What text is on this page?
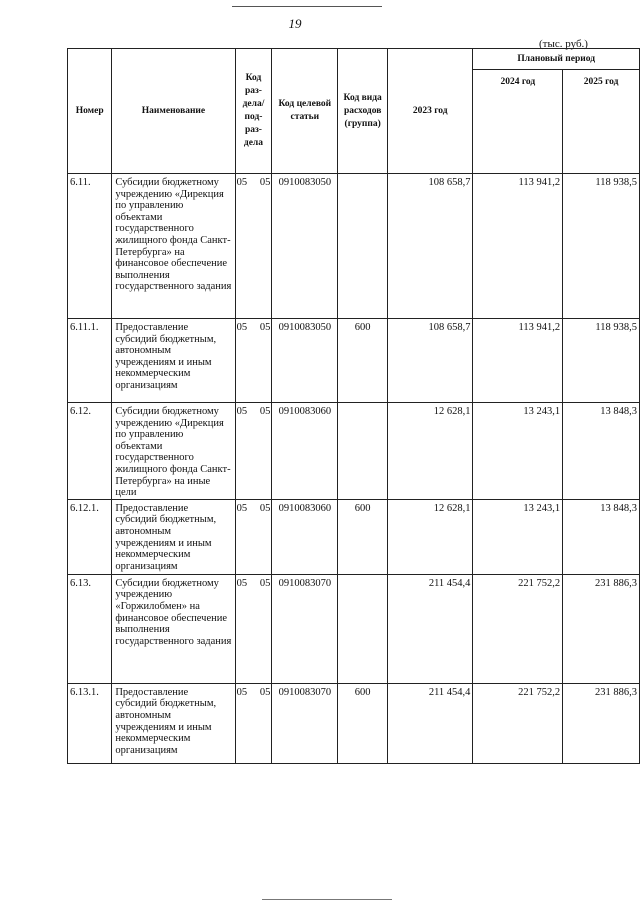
19
(тыс. руб.)
Номер	Наименование	Код раз-дела/ под-раз-дела	Код целевой статьи	Код вида расходов (группа)	2023 год	Плановый период	
						2024 год	2025 год
6.11.	Субсидии бюджетному учреждению «Дирекция по управлению объектами государственного жилищного фонда Санкт-Петербурга» на финансовое обеспечение выполнения государственного задания	05 05	0910083050		108 658,7	113 941,2	118 938,5
6.11.1.	Предоставление субсидий бюджетным, автономным учреждениям и иным некоммерческим организациям	05 05	0910083050	600	108 658,7	113 941,2	118 938,5
6.12.	Субсидии бюджетному учреждению «Дирекция по управлению объектами государственного жилищного фонда Санкт-Петербурга» на иные цели	05 05	0910083060		12 628,1	13 243,1	13 848,3
6.12.1.	Предоставление субсидий бюджетным, автономным учреждениям и иным некоммерческим организациям	05 05	0910083060	600	12 628,1	13 243,1	13 848,3
6.13.	Субсидии бюджетному учреждению «Горжилобмен» на финансовое обеспечение выполнения государственного задания	05 05	0910083070		211 454,4	221 752,2	231 886,3
6.13.1.	Предоставление субсидий бюджетным, автономным учреждениям и иным некоммерческим организациям	05 05	0910083070	600	211 454,4	221 752,2	231 886,3
